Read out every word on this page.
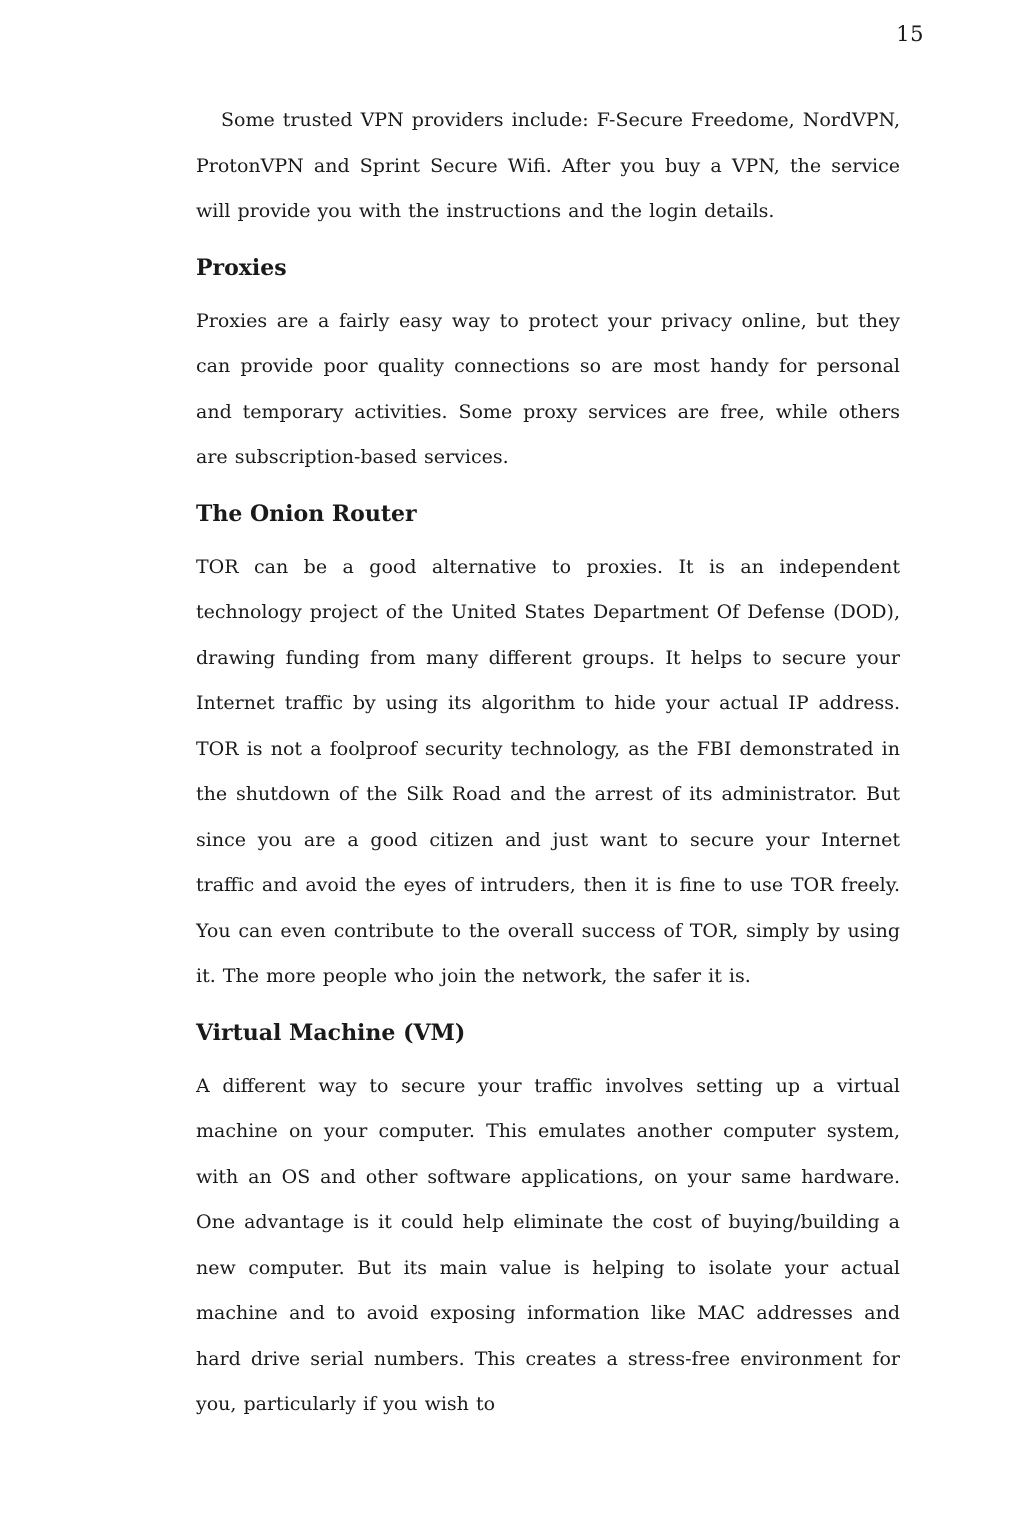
15

Some trusted VPN providers include: F-Secure Freedome, NordVPN, ProtonVPN and Sprint Secure Wifi. After you buy a VPN, the service will provide you with the instructions and the login details.

Proxies

Proxies are a fairly easy way to protect your privacy online, but they can provide poor quality connections so are most handy for personal and temporary activities. Some proxy services are free, while others are subscription-based services.

The Onion Router

TOR can be a good alternative to proxies. It is an independent technology project of the United States Department Of Defense (DOD), drawing funding from many different groups. It helps to secure your Internet traffic by using its algorithm to hide your actual IP address. TOR is not a foolproof security technology, as the FBI demonstrated in the shutdown of the Silk Road and the arrest of its administrator. But since you are a good citizen and just want to secure your Internet traffic and avoid the eyes of intruders, then it is fine to use TOR freely. You can even contribute to the overall success of TOR, simply by using it. The more people who join the network, the safer it is.

Virtual Machine (VM)

A different way to secure your traffic involves setting up a virtual machine on your computer. This emulates another computer system, with an OS and other software applications, on your same hardware. One advantage is it could help eliminate the cost of buying/building a new computer. But its main value is helping to isolate your actual machine and to avoid exposing information like MAC addresses and hard drive serial numbers. This creates a stress-free environment for you, particularly if you wish to
